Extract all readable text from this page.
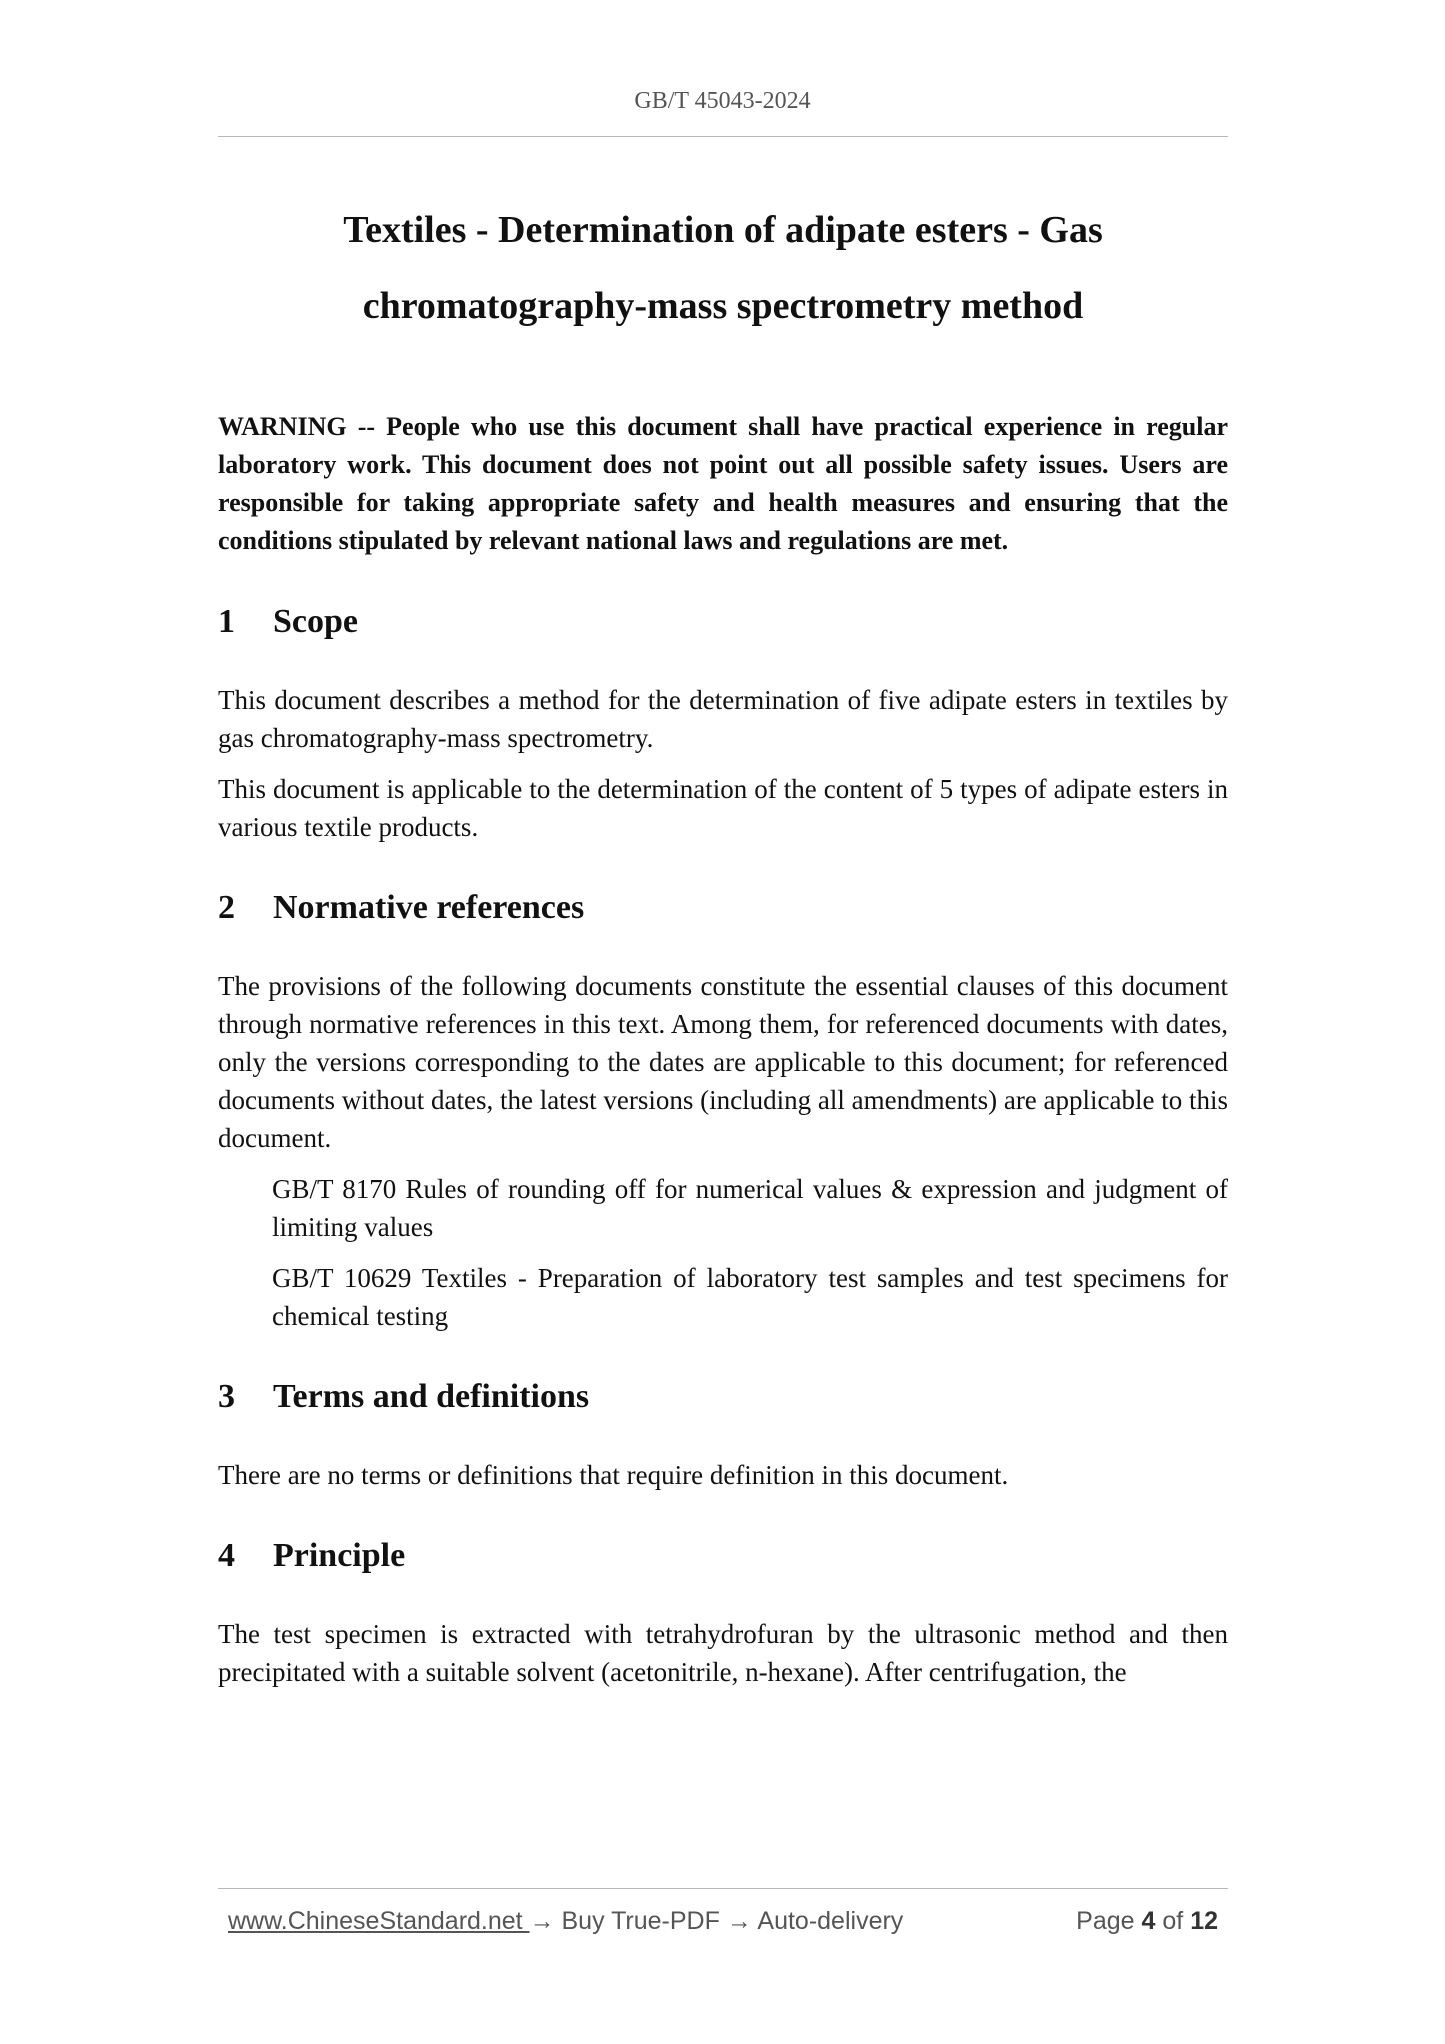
GB/T 45043-2024
Textiles - Determination of adipate esters - Gas
chromatography-mass spectrometry method

WARNING -- People who use this document shall have practical experience in regular laboratory work. This document does not point out all possible safety issues. Users are responsible for taking appropriate safety and health measures and ensuring that the conditions stipulated by relevant national laws and regulations are met.

1	Scope

This document describes a method for the determination of five adipate esters in textiles by gas chromatography-mass spectrometry.

This document is applicable to the determination of the content of 5 types of adipate esters in various textile products.

2	Normative references

The provisions of the following documents constitute the essential clauses of this document through normative references in this text. Among them, for referenced documents with dates, only the versions corresponding to the dates are applicable to this document; for referenced documents without dates, the latest versions (including all amendments) are applicable to this document.

GB/T 8170 Rules of rounding off for numerical values & expression and judgment of limiting values

GB/T 10629 Textiles - Preparation of laboratory test samples and test specimens for chemical testing

3	Terms and definitions

There are no terms or definitions that require definition in this document.

4	Principle

The test specimen is extracted with tetrahydrofuran by the ultrasonic method and then precipitated with a suitable solvent (acetonitrile, n-hexane). After centrifugation, the

www.ChineseStandard.net → Buy True-PDF → Auto-delivery	Page 4 of 12
